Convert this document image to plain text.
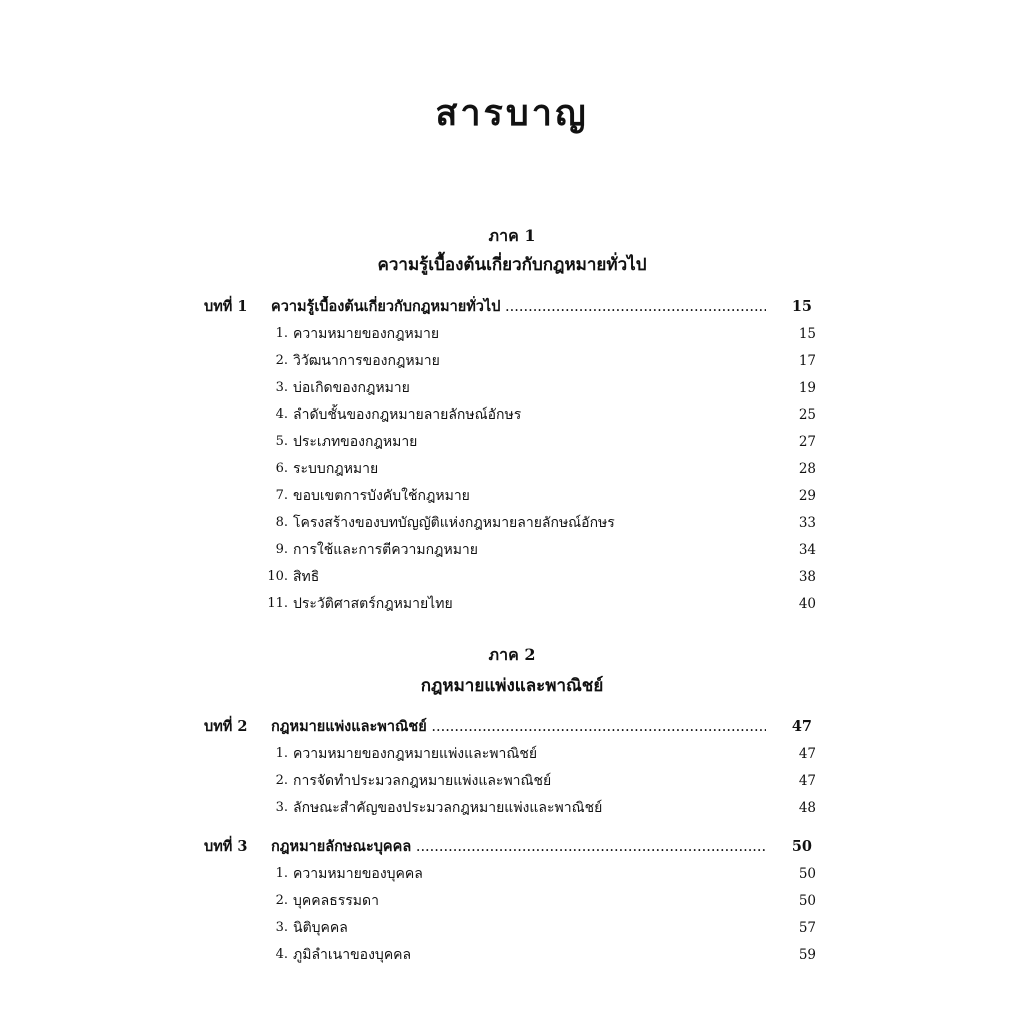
สารบาญ
ภาค 1
ความรู้เบื้องต้นเกี่ยวกับกฎหมายทั่วไป
บทที่ 1 ความรู้เบื้องต้นเกี่ยวกับกฎหมายทั่วไป .....	15
1. ความหมายของกฎหมาย	15
2. วิวัฒนาการของกฎหมาย	17
3. บ่อเกิดของกฎหมาย	19
4. ลำดับชั้นของกฎหมายลายลักษณ์อักษร	25
5. ประเภทของกฎหมาย	27
6. ระบบกฎหมาย	28
7. ขอบเขตการบังคับใช้กฎหมาย	29
8. โครงสร้างของบทบัญญัติแห่งกฎหมายลายลักษณ์อักษร	33
9. การใช้และการตีความกฎหมาย	34
10. สิทธิ	38
11. ประวัติศาสตร์กฎหมายไทย	40
ภาค 2
กฎหมายแพ่งและพาณิชย์
บทที่ 2 กฎหมายแพ่งและพาณิชย์ .....	47
1. ความหมายของกฎหมายแพ่งและพาณิชย์	47
2. การจัดทำประมวลกฎหมายแพ่งและพาณิชย์	47
3. ลักษณะสำคัญของประมวลกฎหมายแพ่งและพาณิชย์	48
บทที่ 3 กฎหมายลักษณะบุคคล .....	50
1. ความหมายของบุคคล	50
2. บุคคลธรรมดา	50
3. นิติบุคคล	57
4. ภูมิลำเนาของบุคคล	59
